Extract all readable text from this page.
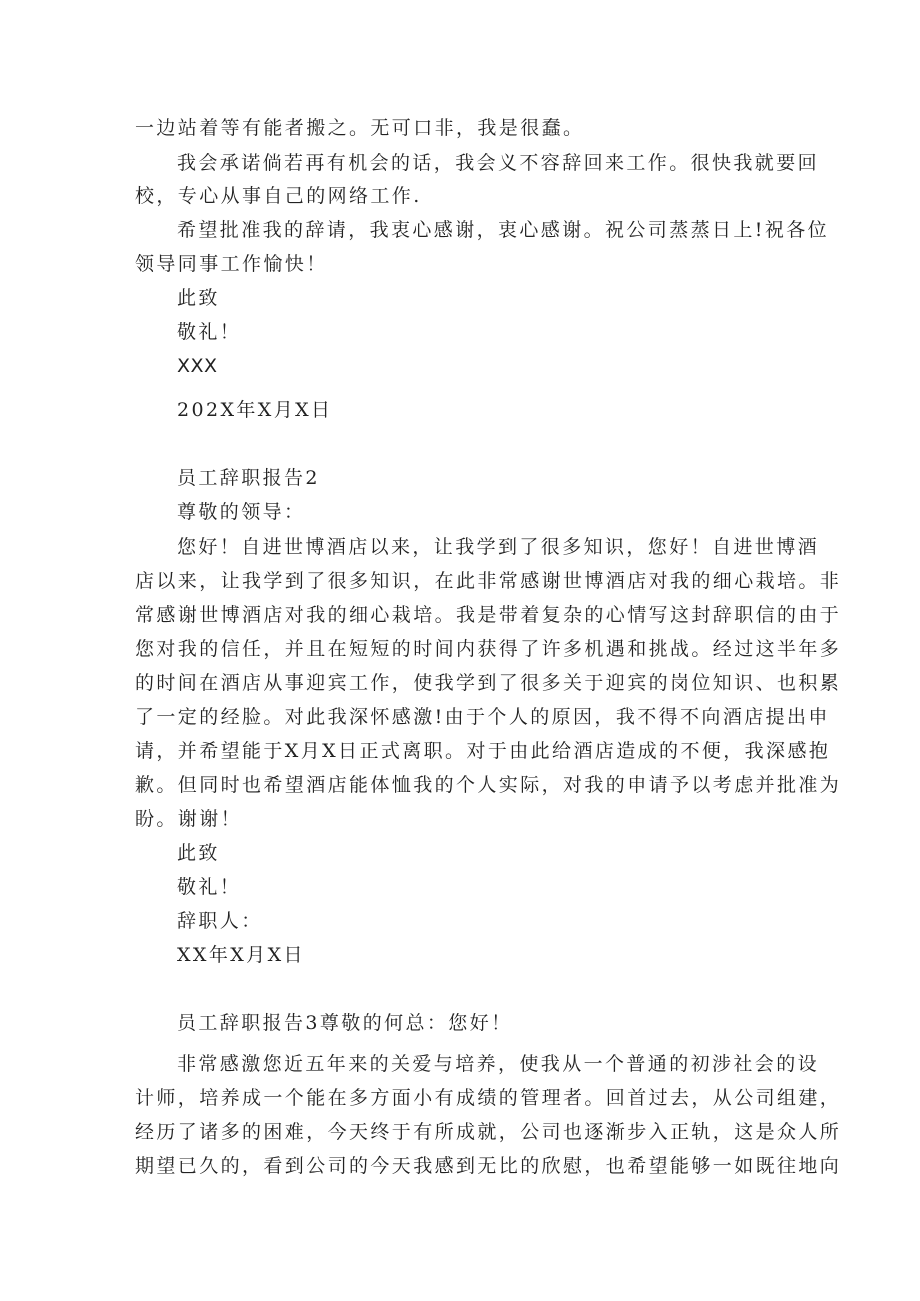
一边站着等有能者搬之。无可口非，我是很蠢。
我会承诺倘若再有机会的话，我会义不容辞回来工作。很快我就要回
校，专心从事自己的网络工作.
希望批准我的辞请，我衷心感谢，衷心感谢。祝公司蒸蒸日上!祝各位
领导同事工作愉快！
此致
敬礼！
XXX
202X年X月X日
员工辞职报告2
尊敬的领导：
您好！自进世博酒店以来，让我学到了很多知识，您好！自进世博酒
店以来，让我学到了很多知识，在此非常感谢世博酒店对我的细心栽培。非
常感谢世博酒店对我的细心栽培。我是带着复杂的心情写这封辞职信的由于
您对我的信任，并且在短短的时间内获得了许多机遇和挑战。经过这半年多
的时间在酒店从事迎宾工作，使我学到了很多关于迎宾的岗位知识、也积累
了一定的经脸。对此我深怀感激!由于个人的原因，我不得不向酒店提出申
请，并希望能于X月X日正式离职。对于由此给酒店造成的不便，我深感抱
歉。但同时也希望酒店能体恤我的个人实际，对我的申请予以考虑并批准为
盼。谢谢！
此致
敬礼！
辞职人：
XX年X月X日
员工辞职报告3尊敬的何总：您好！
非常感激您近五年来的关爱与培养，使我从一个普通的初涉社会的设
计师，培养成一个能在多方面小有成绩的管理者。回首过去，从公司组建，
经历了诸多的困难，今天终于有所成就，公司也逐渐步入正轨，这是众人所
期望已久的，看到公司的今天我感到无比的欣慰，也希望能够一如既往地向
